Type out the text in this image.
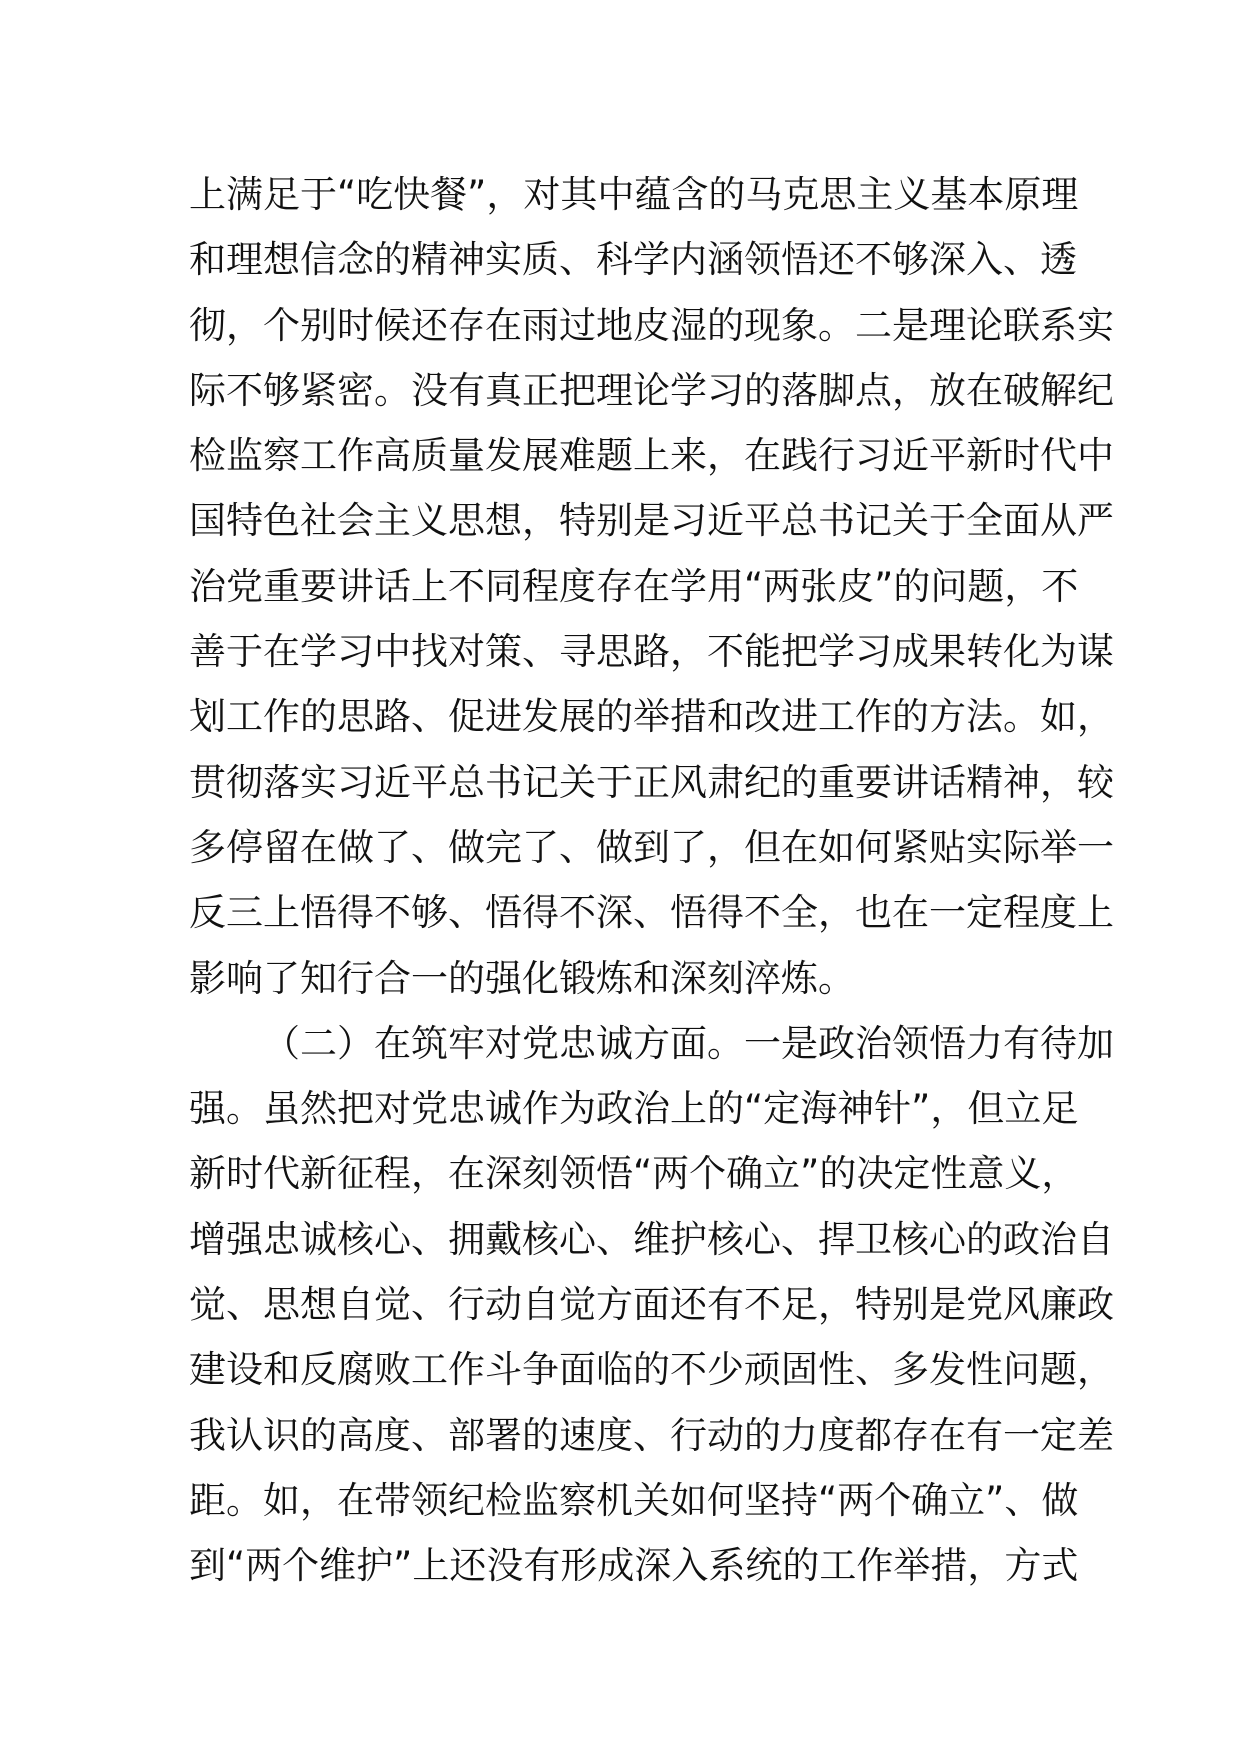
上 满 足 于 “ 吃 快 餐 ” ， 对 其 中 蕴 含 的 马 克 思 主 义 基 本 原 理
和 理 想 信 念 的 精 神 实 质 、 科 学 内 涵 领 悟 还 不 够 深 入 、 透
彻 ， 个 别 时 候 还 存 在 雨 过 地 皮 湿 的 现 象 。 二 是 理 论 联 系 实
际 不 够 紧 密 。 没 有 真 正 把 理 论 学 习 的 落 脚 点 ， 放 在 破 解 纪
检 监 察 工 作 高 质 量 发 展 难 题 上 来 ， 在 践 行 习 近 平 新 时 代 中
国 特 色 社 会 主 义 思 想 ， 特 别 是 习 近 平 总 书 记 关 于 全 面 从 严
治 党 重 要 讲 话 上 不 同 程 度 存 在 学 用 “ 两 张 皮 ” 的 问 题 ， 不
善 于 在 学 习 中 找 对 策 、 寻 思 路 ， 不 能 把 学 习 成 果 转 化 为 谋
划 工 作 的 思 路 、 促 进 发 展 的 举 措 和 改 进 工 作 的 方 法 。 如 ，
贯 彻 落 实 习 近 平 总 书 记 关 于 正 风 肃 纪 的 重 要 讲 话 精 神 ， 较
多 停 留 在 做 了 、 做 完 了 、 做 到 了 ， 但 在 如 何 紧 贴 实 际 举 一
反 三 上 悟 得 不 够 、 悟 得 不 深 、 悟 得 不 全 ， 也 在 一 定 程 度 上
影响了知行合一的强化锻炼和深刻淬炼。

（ 二 ） 在 筑 牢 对 党 忠 诚 方 面 。 一 是 政 治 领 悟 力 有 待 加
强 。 虽 然 把 对 党 忠 诚 作 为 政 治 上 的 “ 定 海 神 针 ” ， 但 立 足
新 时 代 新 征 程 ， 在 深 刻 领 悟 “ 两 个 确 立 ” 的 决 定 性 意 义 ，
增 强 忠 诚 核 心 、 拥 戴 核 心 、 维 护 核 心 、 捍 卫 核 心 的 政 治 自
觉 、 思 想 自 觉 、 行 动 自 觉 方 面 还 有 不 足 ， 特 别 是 党 风 廉 政
建 设 和 反 腐 败 工 作 斗 争 面 临 的 不 少 顽 固 性 、 多 发 性 问 题 ，
我 认 识 的 高 度 、 部 署 的 速 度 、 行 动 的 力 度 都 存 在 有 一 定 差
距 。 如 ， 在 带 领 纪 检 监 察 机 关 如 何 坚 持 “ 两 个 确 立 ” 、 做
到 “ 两 个 维 护 ” 上 还 没 有 形 成 深 入 系 统 的 工 作 举 措 ， 方 式
